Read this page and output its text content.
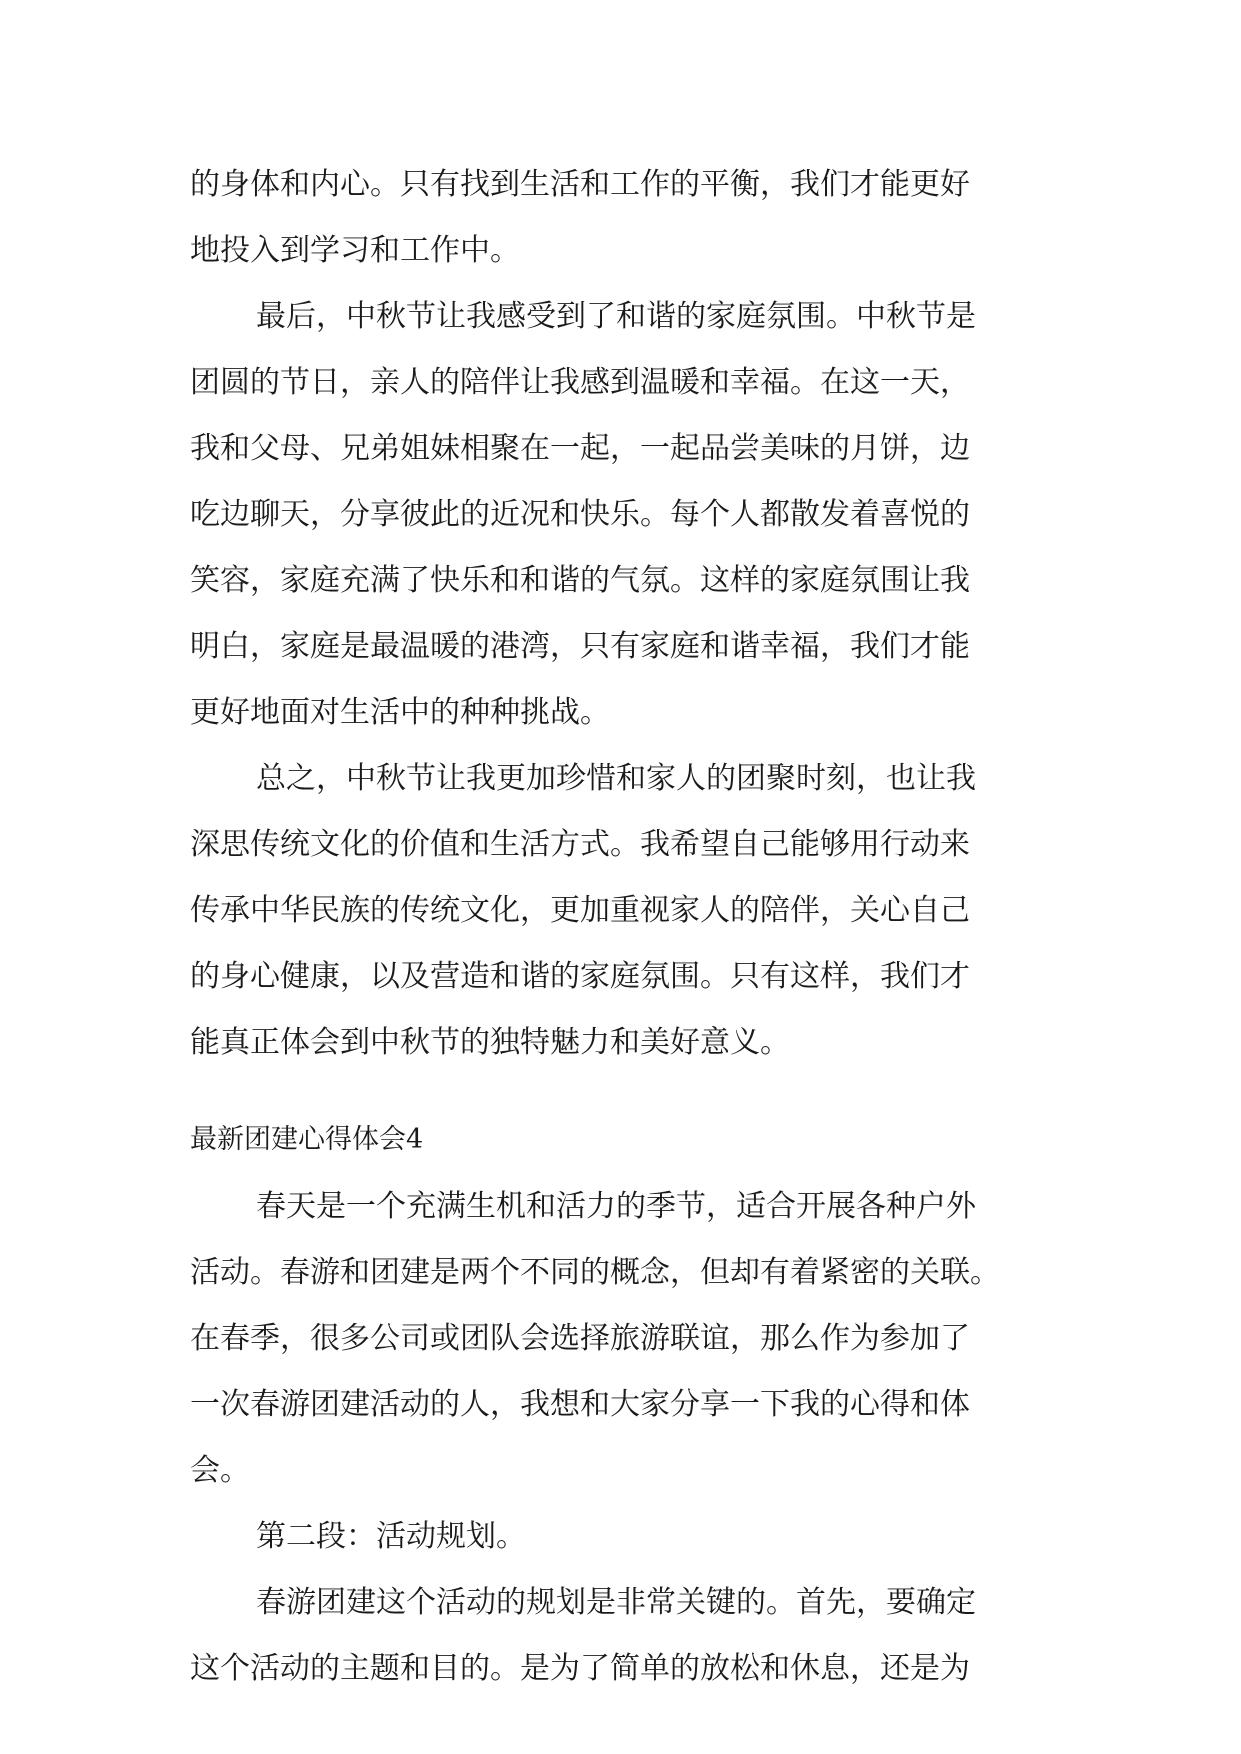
的身体和内心。只有找到生活和工作的平衡，我们才能更好

地投入到学习和工作中。

最后，中秋节让我感受到了和谐的家庭氛围。中秋节是

团圆的节日，亲人的陪伴让我感到温暖和幸福。在这一天，

我和父母、兄弟姐妹相聚在一起，一起品尝美味的月饼，边

吃边聊天，分享彼此的近况和快乐。每个人都散发着喜悦的

笑容，家庭充满了快乐和和谐的气氛。这样的家庭氛围让我

明白，家庭是最温暖的港湾，只有家庭和谐幸福，我们才能

更好地面对生活中的种种挑战。

总之，中秋节让我更加珍惜和家人的团聚时刻，也让我

深思传统文化的价值和生活方式。我希望自己能够用行动来

传承中华民族的传统文化，更加重视家人的陪伴，关心自己

的身心健康，以及营造和谐的家庭氛围。只有这样，我们才

能真正体会到中秋节的独特魅力和美好意义。

最新团建心得体会4

春天是一个充满生机和活力的季节，适合开展各种户外

活动。春游和团建是两个不同的概念，但却有着紧密的关联。

在春季，很多公司或团队会选择旅游联谊，那么作为参加了

一次春游团建活动的人，我想和大家分享一下我的心得和体

会。

第二段：活动规划。

春游团建这个活动的规划是非常关键的。首先，要确定

这个活动的主题和目的。是为了简单的放松和休息，还是为
